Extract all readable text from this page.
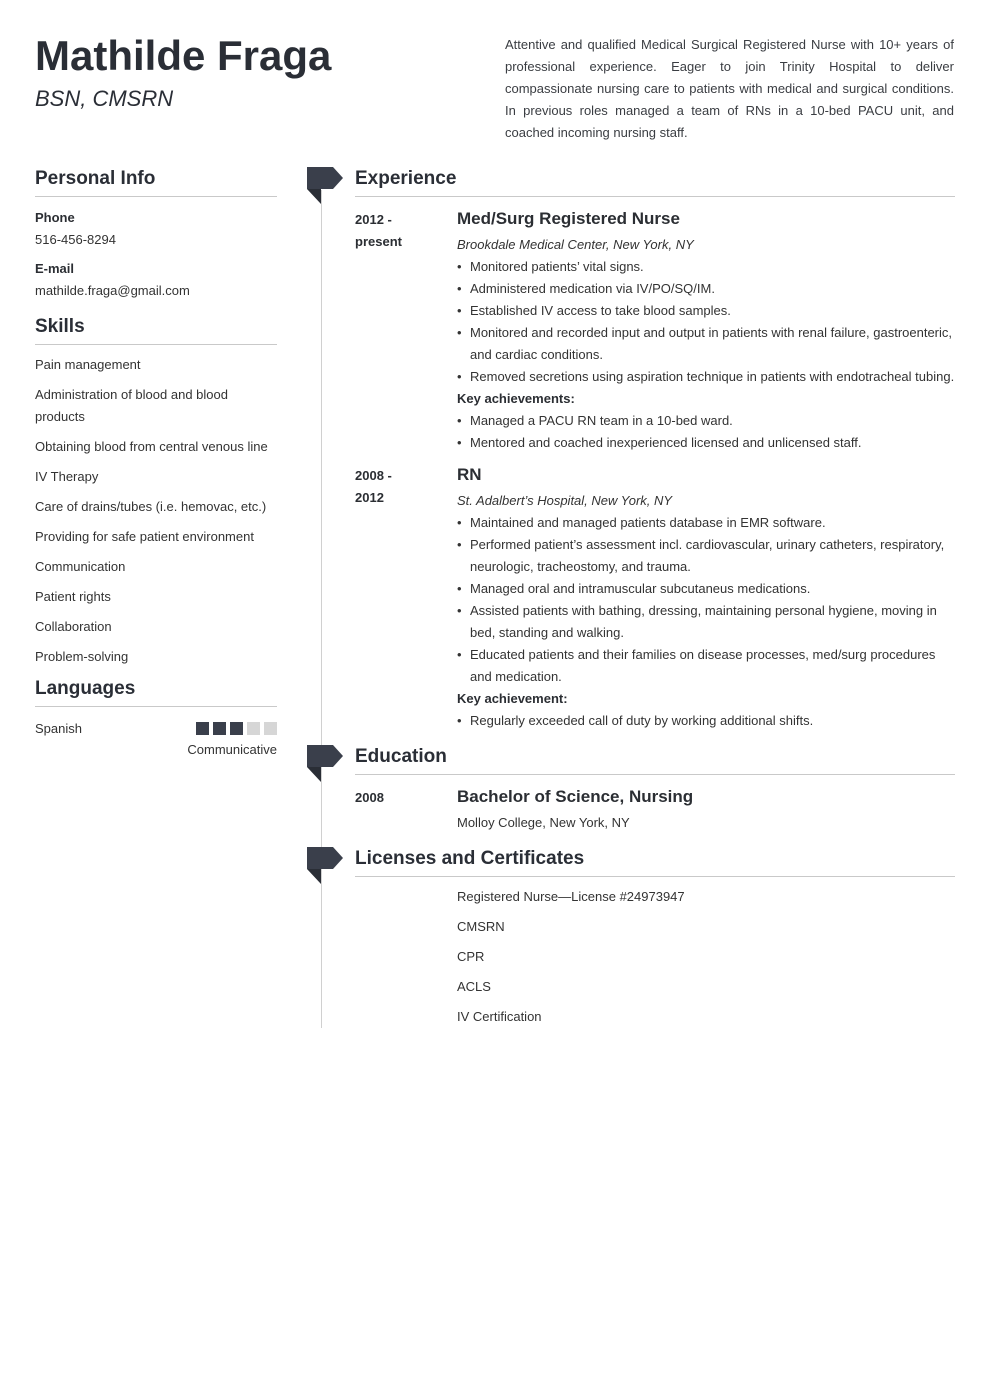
Mathilde Fraga
BSN, CMSRN
Attentive and qualified Medical Surgical Registered Nurse with 10+ years of professional experience. Eager to join Trinity Hospital to deliver compassionate nursing care to patients with medical and surgical conditions. In previous roles managed a team of RNs in a 10-bed PACU unit, and coached incoming nursing staff.
Personal Info
Phone
516-456-8294
E-mail
mathilde.fraga@gmail.com
Skills
Pain management
Administration of blood and blood products
Obtaining blood from central venous line
IV Therapy
Care of drains/tubes (i.e. hemovac, etc.)
Providing for safe patient environment
Communication
Patient rights
Collaboration
Problem-solving
Languages
Spanish
Communicative
Experience
2012 -
present
Med/Surg Registered Nurse
Brookdale Medical Center, New York, NY
• Monitored patients’ vital signs.
• Administered medication via IV/PO/SQ/IM.
• Established IV access to take blood samples.
• Monitored and recorded input and output in patients with renal failure, gastroenteric, and cardiac conditions.
• Removed secretions using aspiration technique in patients with endotracheal tubing.
Key achievements:
• Managed a PACU RN team in a 10-bed ward.
• Mentored and coached inexperienced licensed and unlicensed staff.
2008 -
2012
RN
St. Adalbert’s Hospital, New York, NY
• Maintained and managed patients database in EMR software.
• Performed patient’s assessment incl. cardiovascular, urinary catheters, respiratory, neurologic, tracheostomy, and trauma.
• Managed oral and intramuscular subcutaneus medications.
• Assisted patients with bathing, dressing, maintaining personal hygiene, moving in bed, standing and walking.
• Educated patients and their families on disease processes, med/surg procedures and medication.
Key achievement:
• Regularly exceeded call of duty by working additional shifts.
Education
2008	Bachelor of Science, Nursing
Molloy College, New York, NY
Licenses and Certificates
Registered Nurse—License #24973947
CMSRN
CPR
ACLS
IV Certification
